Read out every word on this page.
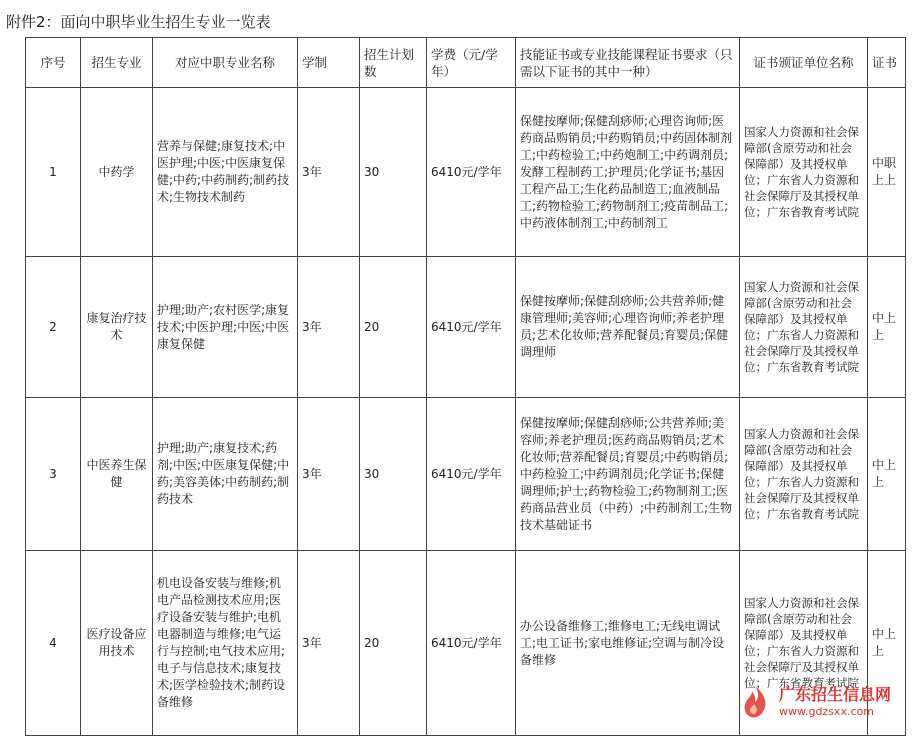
附件2：面向中职毕业生招生专业一览表
序号	招生专业	对应中职专业名称	学制	招生计划数	学费（元/学年）	技能证书或专业技能课程证书要求（只需以下证书的其中一种）	证书颁证单位名称	证书
1	中药学	营养与保健;康复技术;中医护理;中医;中医康复保健;中药;中药制药;制药技术;生物技术制药	3年	30	6410元/学年	保健按摩师;保健刮痧师;心理咨询师;医药商品购销员;中药购销员;中药固体制剂工;中药检验工;中药炮制工;中药调剂员;发酵工程制药工;护理员;化学证书;基因工程产品工;生化药品制造工;血液制品工;药物检验工;药物制剂工;疫苗制品工;中药液体制剂工;中药制剂工	国家人力资源和社会保障部(含原劳动和社会保障部）及其授权单位；广东省人力资源和社会保障厅及其授权单位；广东省教育考试院	中职上上
2	康复治疗技术	护理;助产;农村医学;康复技术;中医护理;中医;中医康复保健	3年	20	6410元/学年	保健按摩师;保健刮痧师;公共营养师;健康管理师;美容师;心理咨询师;养老护理员;艺术化妆师;营养配餐员;育婴员;保健调理师	国家人力资源和社会保障部(含原劳动和社会保障部）及其授权单位；广东省人力资源和社会保障厅及其授权单位；广东省教育考试院	中上上
3	中医养生保健	护理;助产;康复技术;药剂;中医;中医康复保健;中药;美容美体;中药制药;制药技术	3年	30	6410元/学年	保健按摩师;保健刮痧师;公共营养师;美容师;养老护理员;医药商品购销员;艺术化妆师;营养配餐员;育婴员;中药购销员;中药检验工;中药调剂员;化学证书;保健调理师;护士;药物检验工;药物制剂工;医药商品营业员（中药）;中药制剂工;生物技术基础证书	国家人力资源和社会保障部(含原劳动和社会保障部）及其授权单位；广东省人力资源和社会保障厅及其授权单位；广东省教育考试院	中上上
4	医疗设备应用技术	机电设备安装与维修;机电产品检测技术应用;医疗设备安装与维护;电机电器制造与维修;电气运行与控制;电气技术应用;电子与信息技术;康复技术;医学检验技术;制药设备维修	3年	20	6410元/学年	办公设备维修工;维修电工;无线电调试工;电工证书;家电维修证;空调与制冷设备维修	国家人力资源和社会保障部(含原劳动和社会保障部）及其授权单位；广东省人力资源和社会保障厅及其授权单位；广东省教育考试院	中上上
广东招生信息网
www.gdzsxx.com
